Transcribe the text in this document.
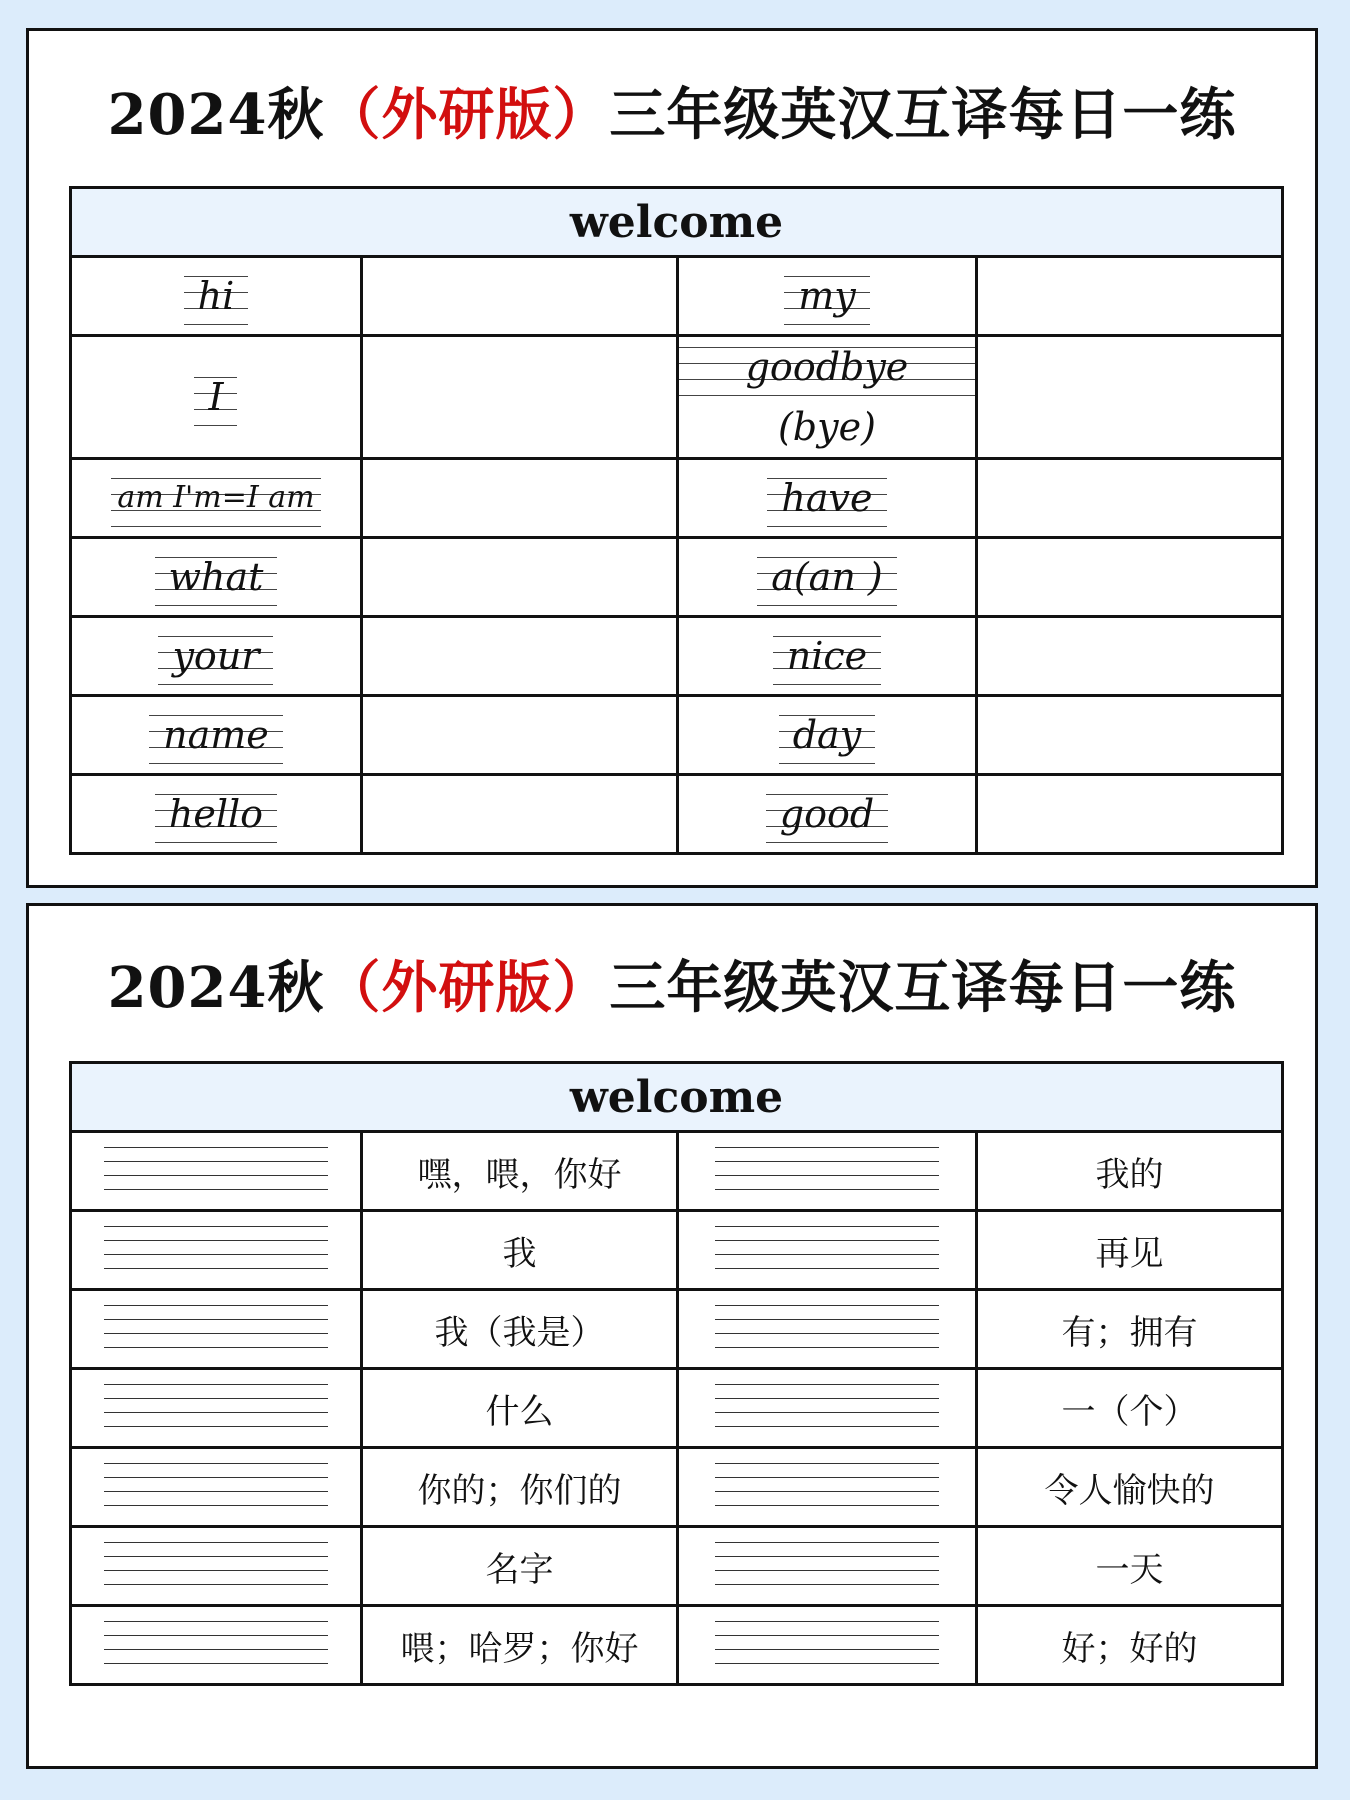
2024秋（外研版）三年级英汉互译每日一练
welcome			
hi		my	
I		goodbye (bye)	
am I'm=I am		have	
what		a(an )	
your		nice	
name		day	
hello		good	
2024秋（外研版）三年级英汉互译每日一练
welcome			

	嘿，喂，你好		我的

	我		再见

	我（我是）		有；拥有

	什么		一（个）

	你的；你们的		令人愉快的

	名字		一天

	喂；哈罗；你好		好；好的
